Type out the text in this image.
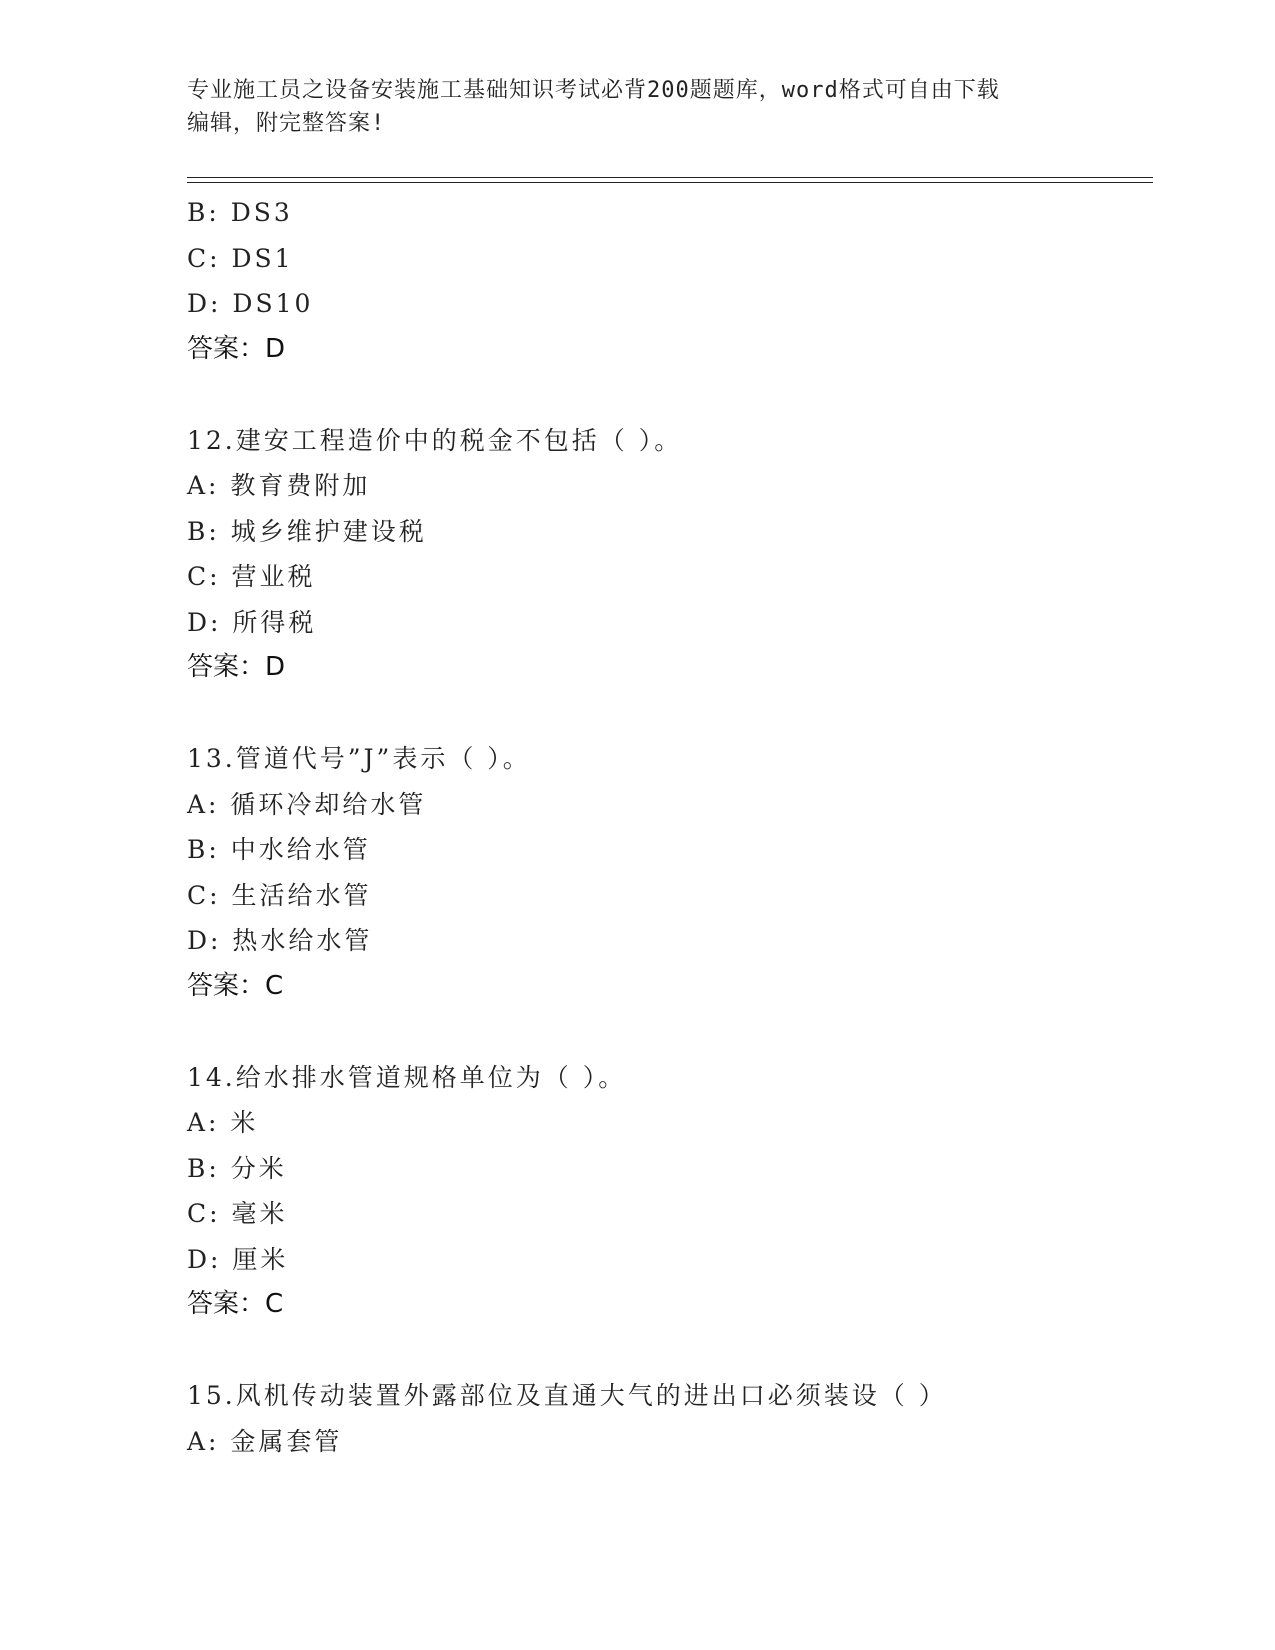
专业施工员之设备安装施工基础知识考试必背200题题库，word格式可自由下载
编辑，附完整答案!
B: DS3
C: DS1
D: DS10
答案：D
12.建安工程造价中的税金不包括（ ）。
A: 教育费附加
B: 城乡维护建设税
C: 营业税
D: 所得税
答案：D
13.管道代号”J”表示（ ）。
A: 循环冷却给水管
B: 中水给水管
C: 生活给水管
D: 热水给水管
答案：C
14.给水排水管道规格单位为（ ）。
A: 米
B: 分米
C: 毫米
D: 厘米
答案：C
15.风机传动装置外露部位及直通大气的进出口必须装设（ ）
A: 金属套管
